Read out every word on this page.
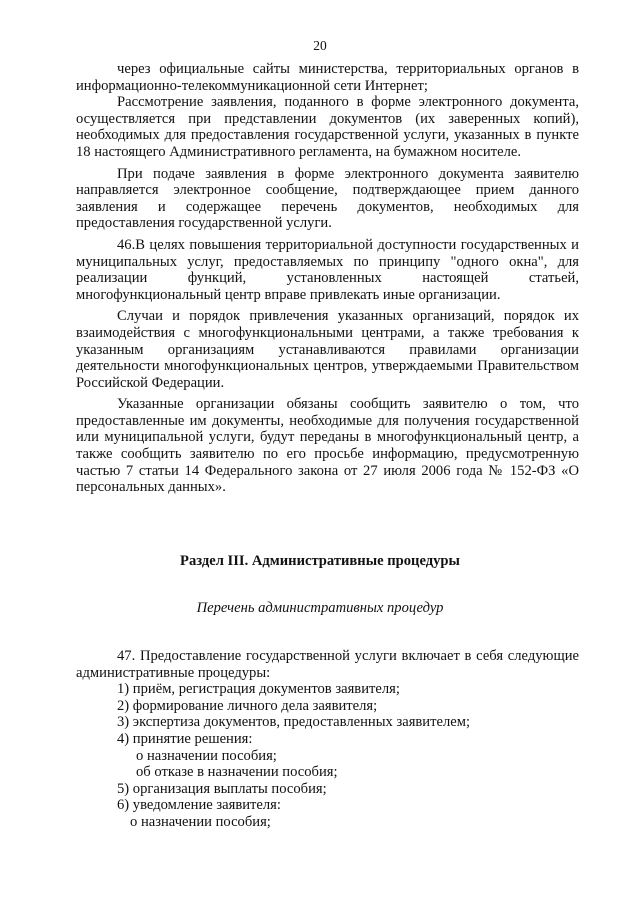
20

через официальные сайты министерства, территориальных органов в информационно-телекоммуникационной сети Интернет;

Рассмотрение заявления, поданного в форме электронного документа, осуществляется при представлении документов (их заверенных копий), необходимых для предоставления государственной услуги, указанных в пункте 18 настоящего Административного регламента, на бумажном носителе.

При подаче заявления в форме электронного документа заявителю направляется электронное сообщение, подтверждающее прием данного заявления и содержащее перечень документов, необходимых для предоставления государственной услуги.

46.В целях повышения территориальной доступности государственных и муниципальных услуг, предоставляемых по принципу "одного окна", для реализации функций, установленных настоящей статьей, многофункциональный центр вправе привлекать иные организации.

Случаи и порядок привлечения указанных организаций, порядок их взаимодействия с многофункциональными центрами, а также требования к указанным организациям устанавливаются правилами организации деятельности многофункциональных центров, утверждаемыми Правительством Российской Федерации.

Указанные организации обязаны сообщить заявителю о том, что предоставленные им документы, необходимые для получения государственной или муниципальной услуги, будут переданы в многофункциональный центр, а также сообщить заявителю по его просьбе информацию, предусмотренную частью 7 статьи 14 Федерального закона от 27 июля 2006 года № 152-ФЗ «О персональных данных».

Раздел III. Административные процедуры
Перечень административных процедур

47. Предоставление государственной услуги включает в себя следующие административные процедуры:

1) приём, регистрация документов заявителя;

2) формирование личного дела заявителя;

3) экспертиза документов, предоставленных заявителем;

4) принятие решения:

о назначении пособия;

об отказе в назначении пособия;

5) организация выплаты пособия;

6) уведомление заявителя:

о назначении пособия;
